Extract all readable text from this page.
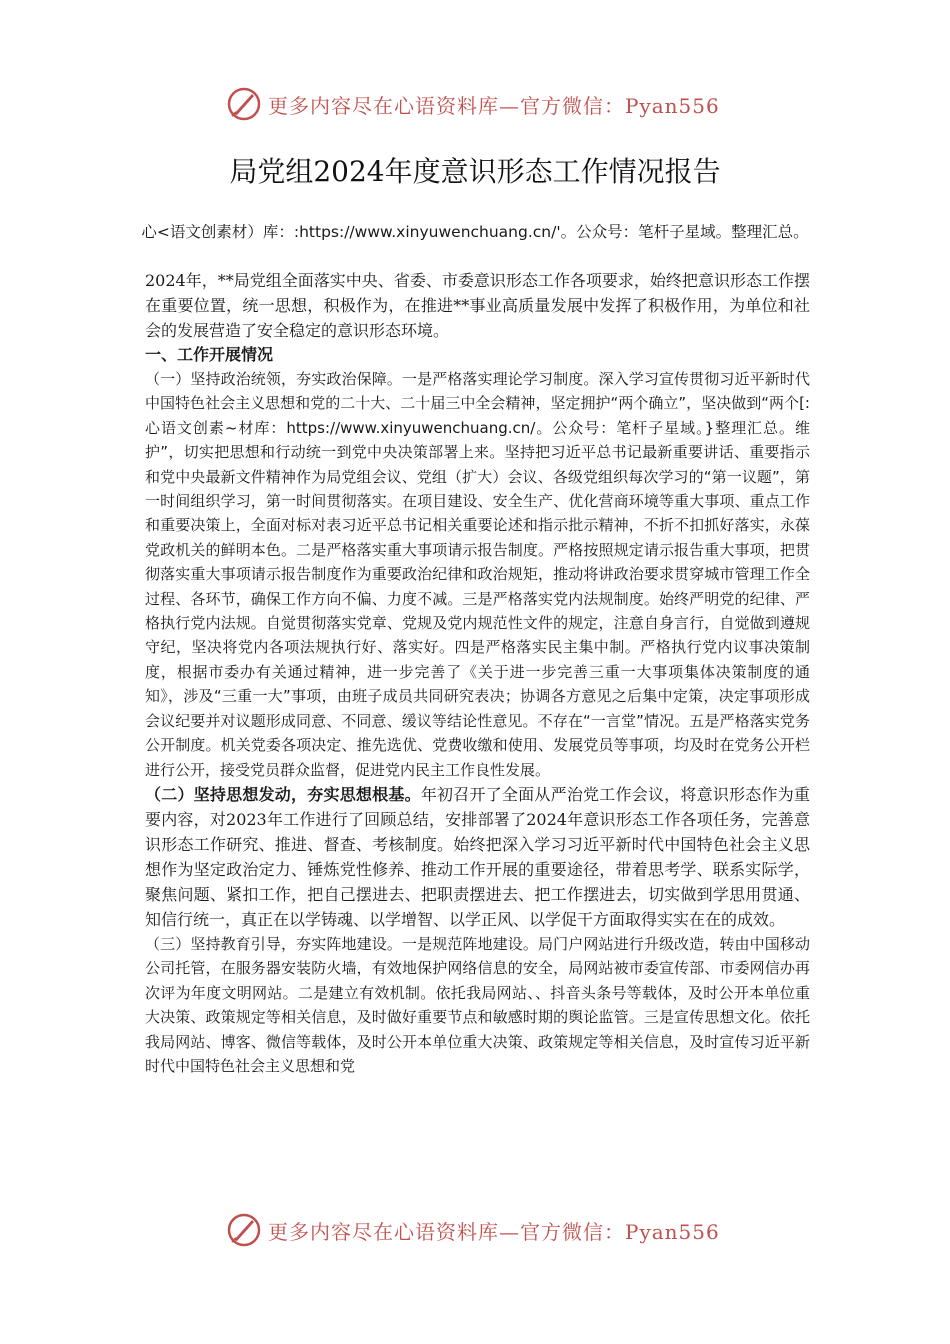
更多内容尽在心语资料库—官方微信：Pyan556
局党组2024年度意识形态工作情况报告
心<语文创素材）库：:https://www.xinyuwenchuang.cn/'。公众号：笔杆子星域。整理汇总。

2024年，**局党组全面落实中央、省委、市委意识形态工作各项要求，始终把意识形态工作摆在重要位置，统一思想，积极作为，在推进**事业高质量发展中发挥了积极作用，为单位和社会的发展营造了安全稳定的意识形态环境。

一、工作开展情况

（一）坚持政治统领，夯实政治保障。一是严格落实理论学习制度。深入学习宣传贯彻习近平新时代中国特色社会主义思想和党的二十大、二十届三中全会精神，坚定拥护“两个确立”，坚决做到“两个[:心语文创素~材库：https://www.xinyuwenchuang.cn/。公众号：笔杆子星域。}整理汇总。维护”，切实把思想和行动统一到党中央决策部署上来。坚持把习近平总书记最新重要讲话、重要指示和党中央最新文件精神作为局党组会议、党组（扩大）会议、各级党组织每次学习的“第一议题”，第一时间组织学习，第一时间贯彻落实。在项目建设、安全生产、优化营商环境等重大事项、重点工作和重要决策上，全面对标对表习近平总书记相关重要论述和指示批示精神，不折不扣抓好落实，永葆党政机关的鲜明本色。二是严格落实重大事项请示报告制度。严格按照规定请示报告重大事项，把贯彻落实重大事项请示报告制度作为重要政治纪律和政治规矩，推动将讲政治要求贯穿城市管理工作全过程、各环节，确保工作方向不偏、力度不减。三是严格落实党内法规制度。始终严明党的纪律、严格执行党内法规。自觉贯彻落实党章、党规及党内规范性文件的规定，注意自身言行，自觉做到遵规守纪，坚决将党内各项法规执行好、落实好。四是严格落实民主集中制。严格执行党内议事决策制度，根据市委办有关通过精神，进一步完善了《关于进一步完善三重一大事项集体决策制度的通知》，涉及“三重一大”事项，由班子成员共同研究表决；协调各方意见之后集中定策，决定事项形成会议纪要并对议题形成同意、不同意、缓议等结论性意见。不存在“一言堂”情况。五是严格落实党务公开制度。机关党委各项决定、推先选优、党费收缴和使用、发展党员等事项，均及时在党务公开栏进行公开，接受党员群众监督，促进党内民主工作良性发展。

（二）坚持思想发动，夯实思想根基。年初召开了全面从严治党工作会议，将意识形态作为重要内容，对2023年工作进行了回顾总结，安排部署了2024年意识形态工作各项任务，完善意识形态工作研究、推进、督查、考核制度。始终把深入学习习近平新时代中国特色社会主义思想作为坚定政治定力、锤炼党性修养、推动工作开展的重要途径，带着思考学、联系实际学，聚焦问题、紧扣工作，把自己摆进去、把职责摆进去、把工作摆进去，切实做到学思用贯通、知信行统一，真正在以学铸魂、以学增智、以学正风、以学促干方面取得实实在在的成效。

（三）坚持教育引导，夯实阵地建设。一是规范阵地建设。局门户网站进行升级改造，转由中国移动公司托管，在服务器安装防火墙，有效地保护网络信息的安全，局网站被市委宣传部、市委网信办再次评为年度文明网站。二是建立有效机制。依托我局网站、、抖音头条号等载体，及时公开本单位重大决策、政策规定等相关信息，及时做好重要节点和敏感时期的舆论监管。三是宣传思想文化。依托我局网站、博客、微信等载体，及时公开本单位重大决策、政策规定等相关信息，及时宣传习近平新时代中国特色社会主义思想和党

更多内容尽在心语资料库—官方微信：Pyan556
